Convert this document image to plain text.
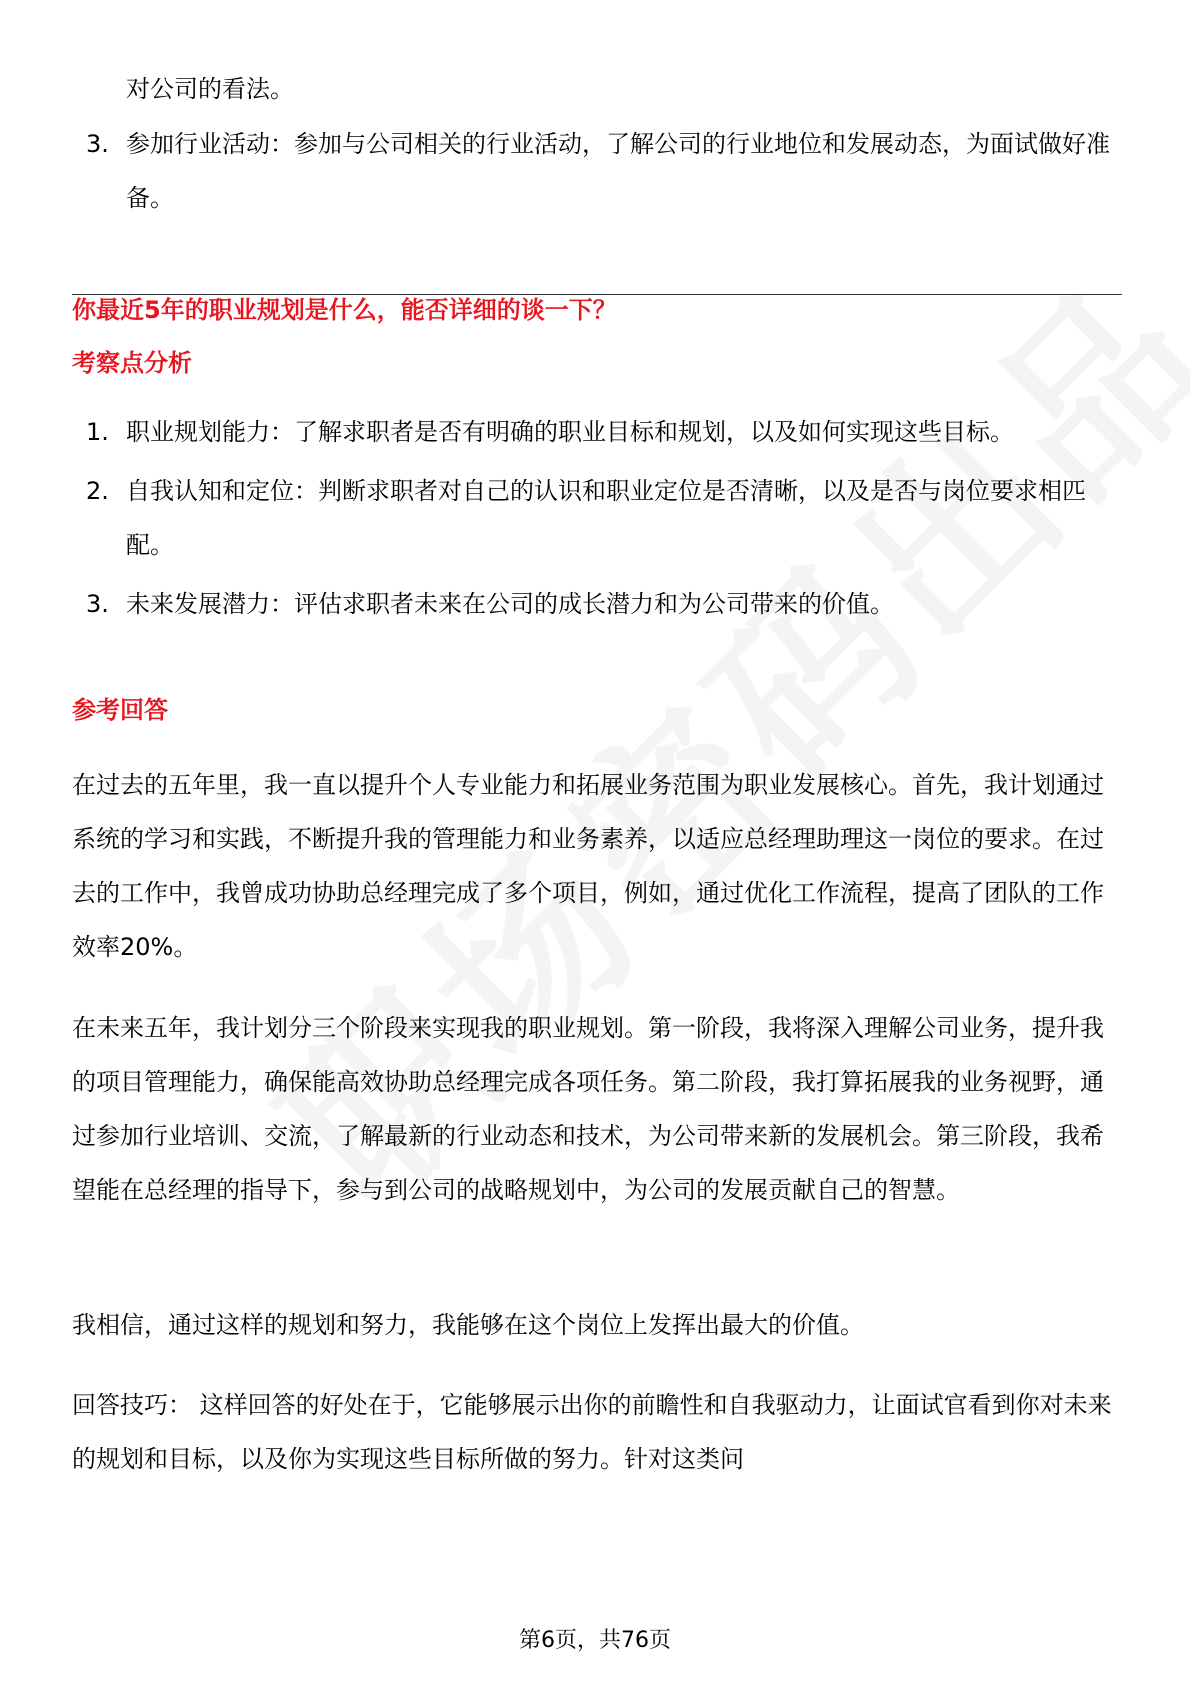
对公司的看法。
3. 参加行业活动：参加与公司相关的行业活动，了解公司的行业地位和发展动态，为面试做好准备。
你最近5年的职业规划是什么，能否详细的谈一下？
考察点分析
1. 职业规划能力：了解求职者是否有明确的职业目标和规划，以及如何实现这些目标。
2. 自我认知和定位：判断求职者对自己的认识和职业定位是否清晰，以及是否与岗位要求相匹配。
3. 未来发展潜力：评估求职者未来在公司的成长潜力和为公司带来的价值。
参考回答

在过去的五年里，我一直以提升个人专业能力和拓展业务范围为职业发展核心。首先，我计划通过系统的学习和实践，不断提升我的管理能力和业务素养，以适应总经理助理这一岗位的要求。在过去的工作中，我曾成功协助总经理完成了多个项目，例如，通过优化工作流程，提高了团队的工作效率20%。

在未来五年，我计划分三个阶段来实现我的职业规划。第一阶段，我将深入理解公司业务，提升我的项目管理能力，确保能高效协助总经理完成各项任务。第二阶段，我打算拓展我的业务视野，通过参加行业培训、交流，了解最新的行业动态和技术，为公司带来新的发展机会。第三阶段，我希望能在总经理的指导下，参与到公司的战略规划中，为公司的发展贡献自己的智慧。

我相信，通过这样的规划和努力，我能够在这个岗位上发挥出最大的价值。

回答技巧： 这样回答的好处在于，它能够展示出你的前瞻性和自我驱动力，让面试官看到你对未来的规划和目标，以及你为实现这些目标所做的努力。针对这类问

第6页，共76页
